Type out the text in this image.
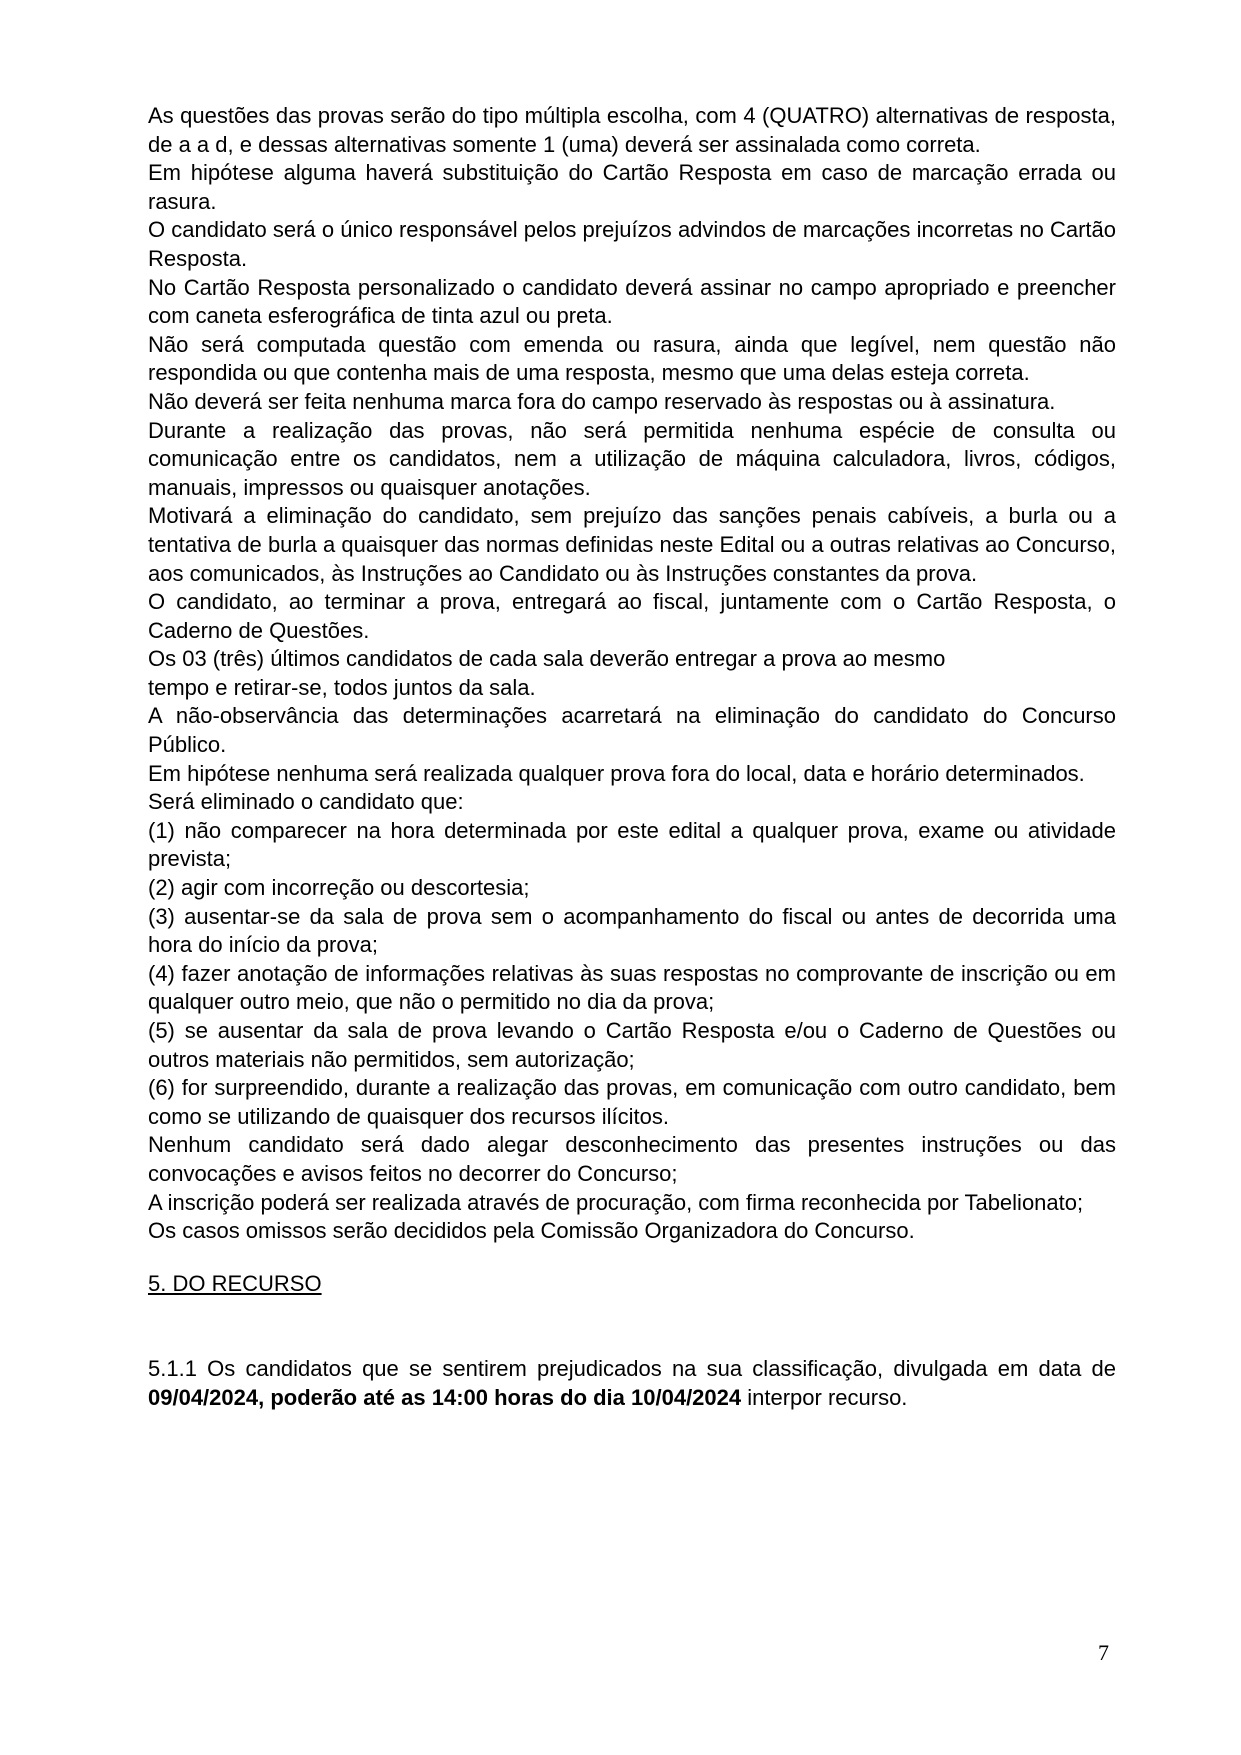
As questões das provas serão do tipo múltipla escolha, com 4 (QUATRO) alternativas de resposta, de a a d, e dessas alternativas somente 1 (uma) deverá ser assinalada como correta.

Em hipótese alguma haverá substituição do Cartão Resposta em caso de marcação errada ou rasura.

O candidato será o único responsável pelos prejuízos advindos de marcações incorretas no Cartão Resposta.

No Cartão Resposta personalizado o candidato deverá assinar no campo apropriado e preencher com caneta esferográfica de tinta azul ou preta.

Não será computada questão com emenda ou rasura, ainda que legível, nem questão não respondida ou que contenha mais de uma resposta, mesmo que uma delas esteja correta.

Não deverá ser feita nenhuma marca fora do campo reservado às respostas ou à assinatura.

Durante a realização das provas, não será permitida nenhuma espécie de consulta ou comunicação entre os candidatos, nem a utilização de máquina calculadora, livros, códigos, manuais, impressos ou quaisquer anotações.

Motivará a eliminação do candidato, sem prejuízo das sanções penais cabíveis, a burla ou a tentativa de burla a quaisquer das normas definidas neste Edital ou a outras relativas ao Concurso, aos comunicados, às Instruções ao Candidato ou às Instruções constantes da prova.

O candidato, ao terminar a prova, entregará ao fiscal, juntamente com o Cartão Resposta, o Caderno de Questões.

Os 03 (três) últimos candidatos de cada sala deverão entregar a prova ao mesmo

tempo e retirar-se, todos juntos da sala.

A não-observância das determinações acarretará na eliminação do candidato do Concurso Público.

Em hipótese nenhuma será realizada qualquer prova fora do local, data e horário determinados.

Será eliminado o candidato que:

(1) não comparecer na hora determinada por este edital a qualquer prova, exame ou atividade prevista;

(2) agir com incorreção ou descortesia;

(3) ausentar-se da sala de prova sem o acompanhamento do fiscal ou antes de decorrida uma hora do início da prova;

(4) fazer anotação de informações relativas às suas respostas no comprovante de inscrição ou em qualquer outro meio, que não o permitido no dia da prova;

(5) se ausentar da sala de prova levando o Cartão Resposta e/ou o Caderno de Questões ou outros materiais não permitidos, sem autorização;

(6) for surpreendido, durante a realização das provas, em comunicação com outro candidato, bem como se utilizando de quaisquer dos recursos ilícitos.

Nenhum candidato será dado alegar desconhecimento das presentes instruções ou das convocações e avisos feitos no decorrer do Concurso;

A inscrição poderá ser realizada através de procuração, com firma reconhecida por Tabelionato;

Os casos omissos serão decididos pela Comissão Organizadora do Concurso.

5. DO RECURSO

5.1.1 Os candidatos que se sentirem prejudicados na sua classificação, divulgada em data de 09/04/2024, poderão até as 14:00 horas do dia 10/04/2024 interpor recurso.

7
